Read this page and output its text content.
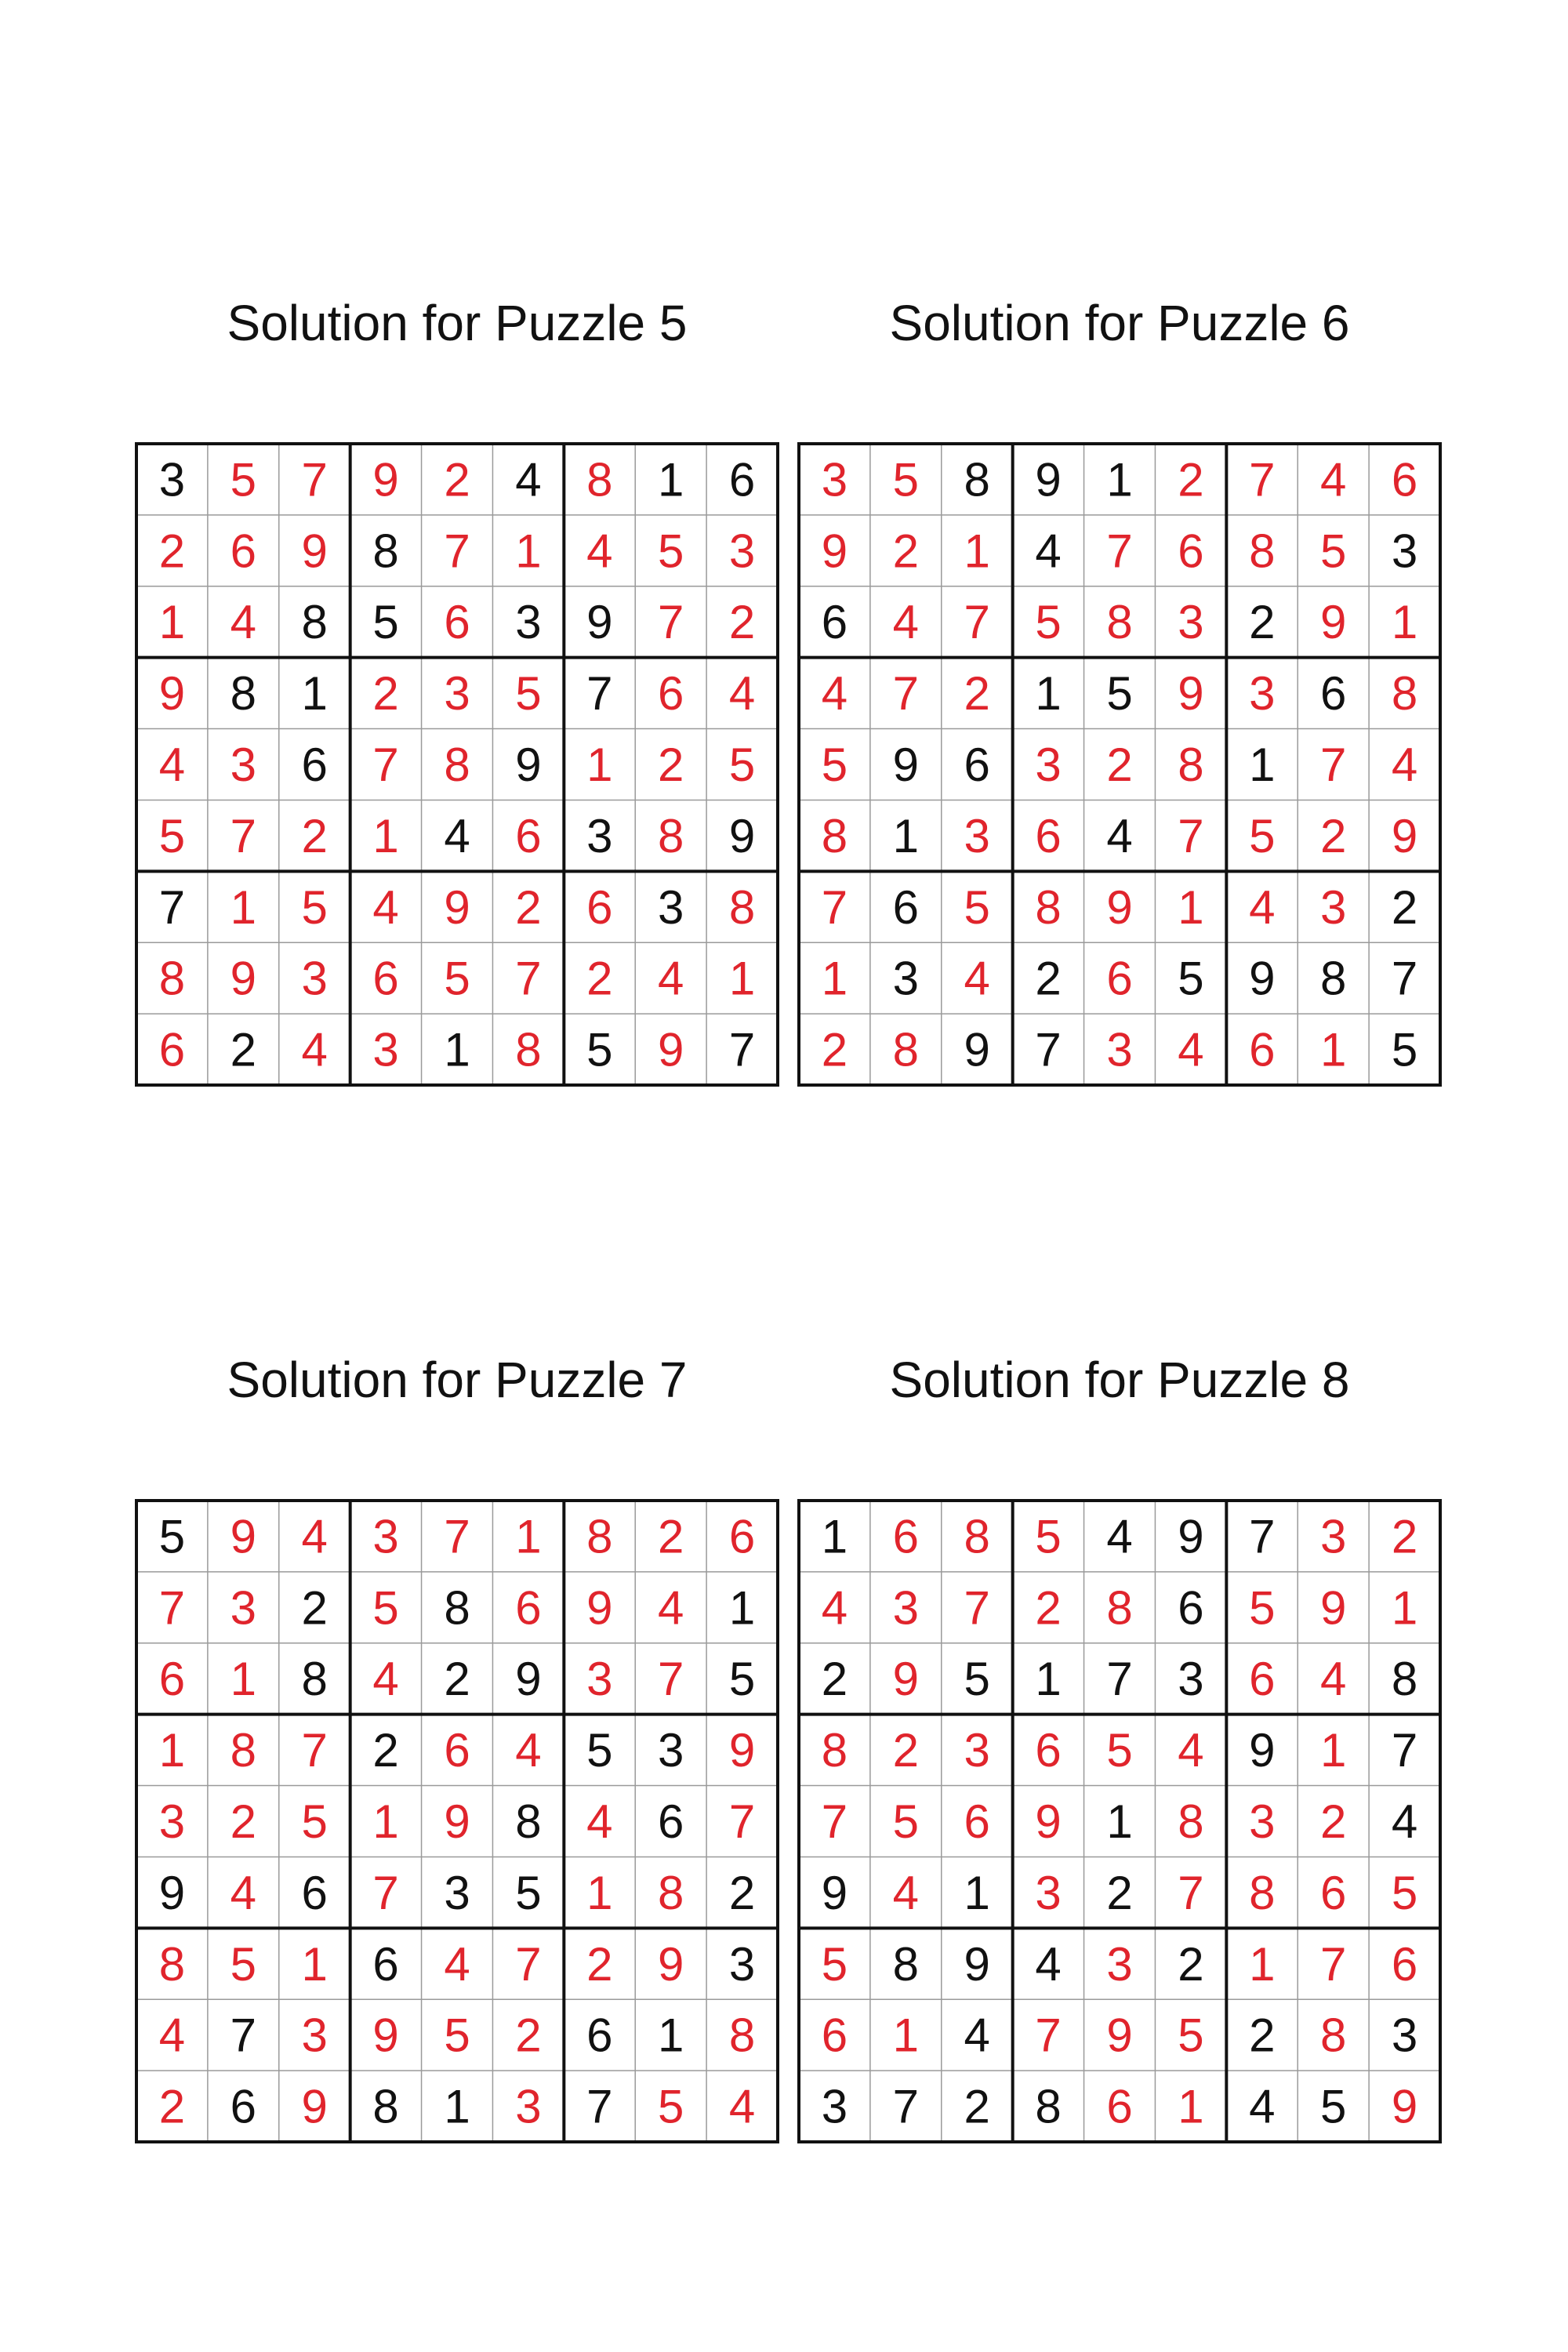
Solution for Puzzle 5	Solution for Puzzle 6
Solution for Puzzle 7	Solution for Puzzle 8
3 5 7 9 2 4 8 1 6
2 6 9 8 7 1 4 5 3
1 4 8 5 6 3 9 7 2
9 8 1 2 3 5 7 6 4
4 3 6 7 8 9 1 2 5
5 7 2 1 4 6 3 8 9
7 1 5 4 9 2 6 3 8
8 9 3 6 5 7 2 4 1
6 2 4 3 1 8 5 9 7
3 5 8 9 1 2 7 4 6
9 2 1 4 7 6 8 5 3
6 4 7 5 8 3 2 9 1
4 7 2 1 5 9 3 6 8
5 9 6 3 2 8 1 7 4
8 1 3 6 4 7 5 2 9
7 6 5 8 9 1 4 3 2
1 3 4 2 6 5 9 8 7
2 8 9 7 3 4 6 1 5
5 9 4 3 7 1 8 2 6
7 3 2 5 8 6 9 4 1
6 1 8 4 2 9 3 7 5
1 8 7 2 6 4 5 3 9
3 2 5 1 9 8 4 6 7
9 4 6 7 3 5 1 8 2
8 5 1 6 4 7 2 9 3
4 7 3 9 5 2 6 1 8
2 6 9 8 1 3 7 5 4
1 6 8 5 4 9 7 3 2
4 3 7 2 8 6 5 9 1
2 9 5 1 7 3 6 4 8
8 2 3 6 5 4 9 1 7
7 5 6 9 1 8 3 2 4
9 4 1 3 2 7 8 6 5
5 8 9 4 3 2 1 7 6
6 1 4 7 9 5 2 8 3
3 7 2 8 6 1 4 5 9
